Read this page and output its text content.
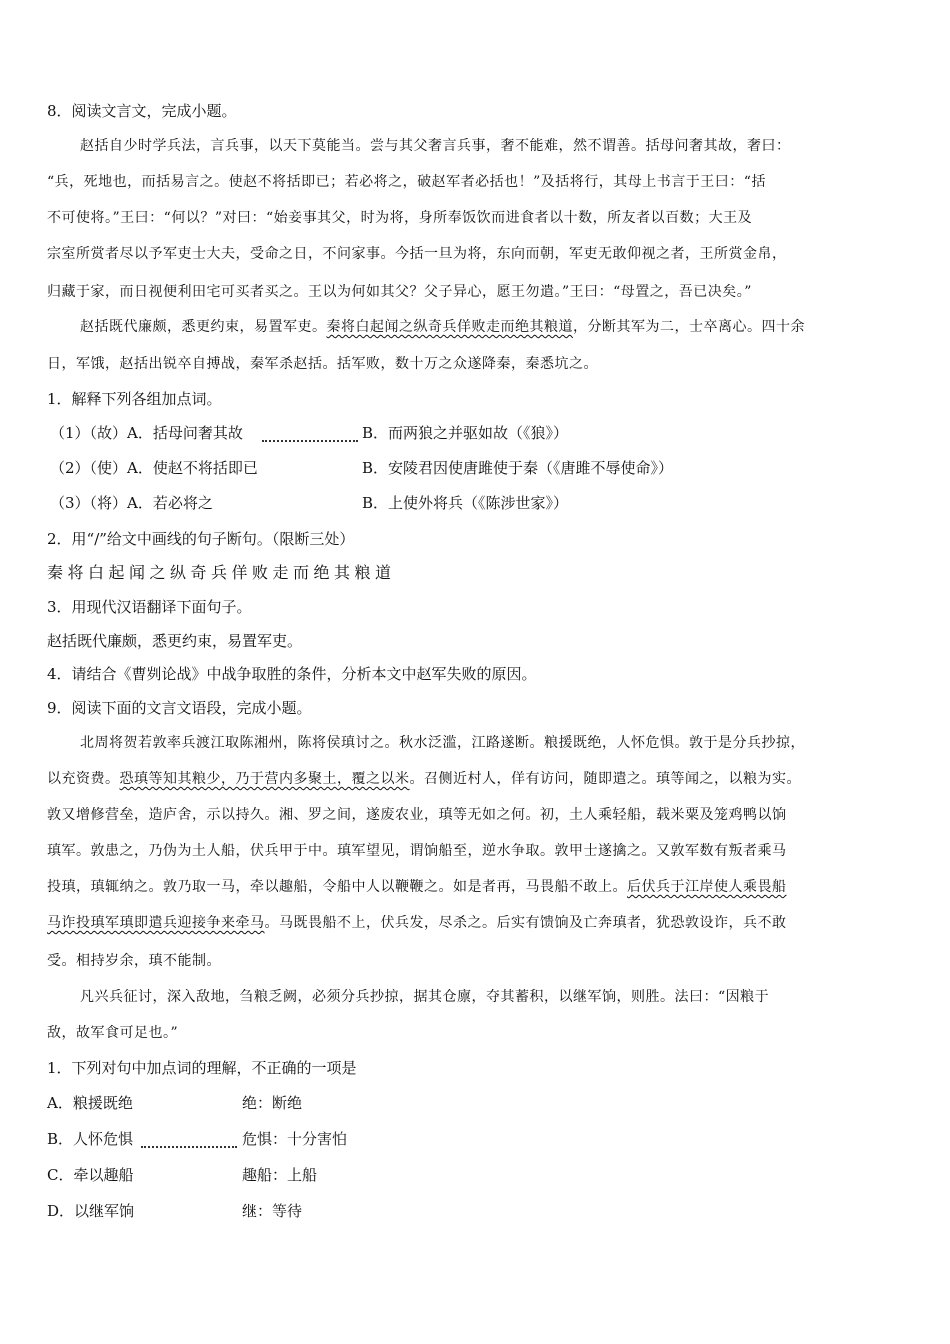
8．阅读文言文，完成小题。
赵括自少时学兵法，言兵事，以天下莫能当。尝与其父奢言兵事，奢不能难，然不谓善。括母问奢其故，奢曰：
“兵，死地也，而括易言之。使赵不将括即已；若必将之，破赵军者必括也！”及括将行，其母上书言于王曰：“括
不可使将。”王曰：“何以？”对曰：“始妾事其父，时为将，身所奉饭饮而进食者以十数，所友者以百数；大王及
宗室所赏者尽以予军吏士大夫，受命之日，不问家事。今括一旦为将，东向而朝，军吏无敢仰视之者，王所赏金帛，
归藏于家，而日视便利田宅可买者买之。王以为何如其父？父子异心，愿王勿遣。”王曰：“母置之，吾已决矣。”
赵括既代廉颇，悉更约束，易置军吏。秦将白起闻之纵奇兵佯败走而绝其粮道，分断其军为二，士卒离心。四十余
日，军饿，赵括出锐卒自搏战，秦军杀赵括。括军败，数十万之众遂降秦，秦悉坑之。
1．解释下列各组加点词。
（1）（故）A．括母问奢其故	B．而两狼之并驱如故（《狼》）
（2）（使）A．使赵不将括即已	B．安陵君因使唐雎使于秦（《唐雎不辱使命》）
（3）（将）A．若必将之	B．上使外将兵（《陈涉世家》）
2．用“/”给文中画线的句子断句。（限断三处）
秦将白起闻之纵奇兵佯败走而绝其粮道
3．用现代汉语翻译下面句子。
赵括既代廉颇，悉更约束，易置军吏。
4．请结合《曹刿论战》中战争取胜的条件，分析本文中赵军失败的原因。
9．阅读下面的文言文语段，完成小题。
北周将贺若敦率兵渡江取陈湘州，陈将侯瑱讨之。秋水泛滥，江路遂断。粮援既绝，人怀危惧。敦于是分兵抄掠，
以充资费。恐瑱等知其粮少，乃于营内多聚土，覆之以米。召侧近村人，佯有访问，随即遣之。瑱等闻之，以粮为实。
敦又增修营垒，造庐舍，示以持久。湘、罗之间，遂废农业，瑱等无如之何。初，土人乘轻船，载米粟及笼鸡鸭以饷
瑱军。敦患之，乃伪为土人船，伏兵甲于中。瑱军望见，谓饷船至，逆水争取。敦甲士遂擒之。又敦军数有叛者乘马
投瑱，瑱辄纳之。敦乃取一马，牵以趣船，令船中人以鞭鞭之。如是者再，马畏船不敢上。后伏兵于江岸使人乘畏船
马诈投瑱军瑱即遣兵迎接争来牵马。马既畏船不上，伏兵发，尽杀之。后实有馈饷及亡奔瑱者，犹恐敦设诈，兵不敢
受。相持岁余，瑱不能制。
凡兴兵征讨，深入敌地，刍粮乏阙，必须分兵抄掠，据其仓廪，夺其蓄积，以继军饷，则胜。法曰：“因粮于
敌，故军食可足也。”
1．下列对句中加点词的理解，不正确的一项是
A．粮援既绝	绝：断绝
B．人怀危惧	危惧：十分害怕
C．牵以趣船	趣船：上船
D．以继军饷	继：等待
